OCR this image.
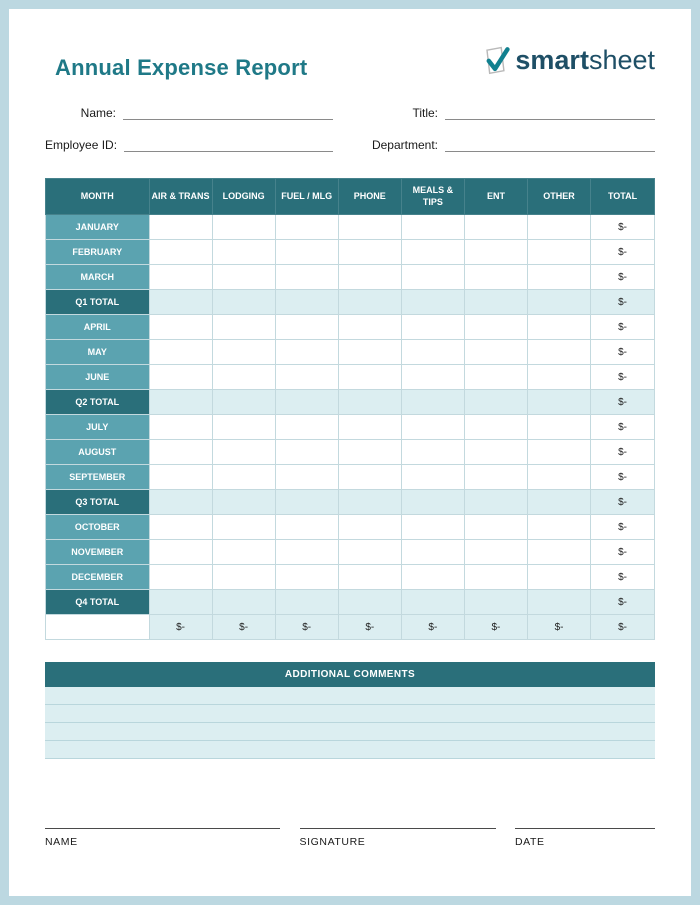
Annual Expense Report	smartsheet
Name:	Title:
Employee ID:	Department:
MONTH	AIR & TRANS	LODGING	FUEL / MLG	PHONE	MEALS & TIPS	ENT	OTHER	TOTAL
JANUARY								$-
FEBRUARY								$-
MARCH								$-
Q1 TOTAL								$-
APRIL								$-
MAY								$-
JUNE								$-
Q2 TOTAL								$-
JULY								$-
AUGUST								$-
SEPTEMBER								$-
Q3 TOTAL								$-
OCTOBER								$-
NOVEMBER								$-
DECEMBER								$-
Q4 TOTAL								$-
	$-	$-	$-	$-	$-	$-	$-	$-
ADDITIONAL COMMENTS
NAME	SIGNATURE	DATE
